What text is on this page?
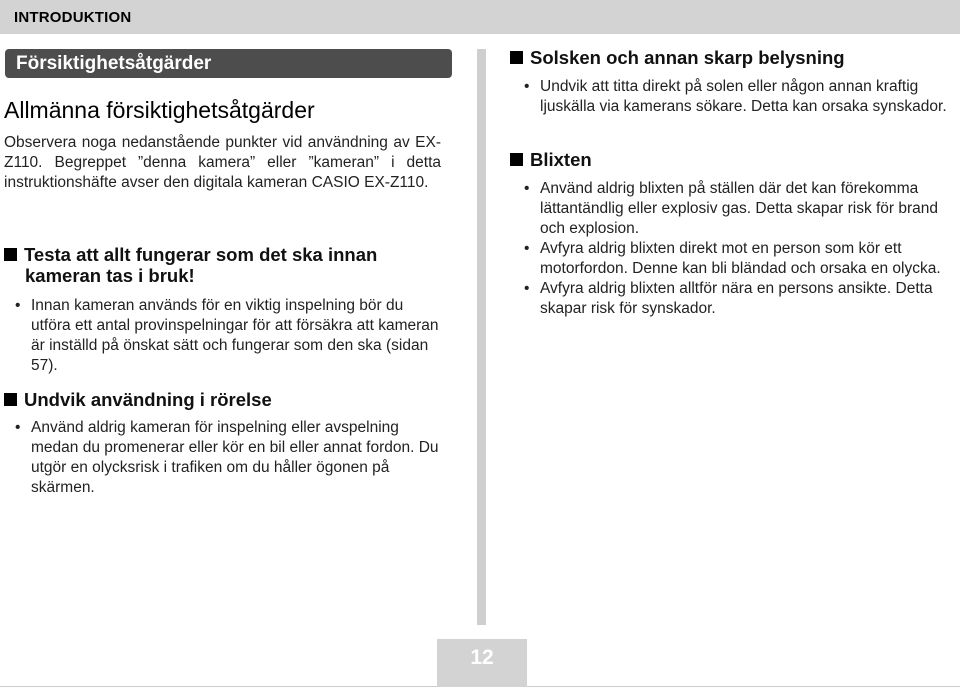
INTRODUKTION
Försiktighetsåtgärder
Allmänna försiktighetsåtgärder

Observera noga nedanstående punkter vid användning av EX-Z110. Begreppet ”denna kamera” eller ”kameran” i detta instruktionshäfte avser den digitala kameran CASIO EX-Z110.

Testa att allt fungerar som det ska innan
kameran tas i bruk!
• Innan kameran används för en viktig inspelning bör du utföra ett antal provinspelningar för att försäkra att kameran är inställd på önskat sätt och fungerar som den ska (sidan 57).
Undvik användning i rörelse
• Använd aldrig kameran för inspelning eller avspelning medan du promenerar eller kör en bil eller annat fordon. Du utgör en olycksrisk i trafiken om du håller ögonen på skärmen.
Solsken och annan skarp belysning
• Undvik att titta direkt på solen eller någon annan kraftig ljuskälla via kamerans sökare. Detta kan orsaka synskador.
Blixten
• Använd aldrig blixten på ställen där det kan förekomma lättantändlig eller explosiv gas. Detta skapar risk för brand och explosion.
• Avfyra aldrig blixten direkt mot en person som kör ett motorfordon. Denne kan bli bländad och orsaka en olycka.
• Avfyra aldrig blixten alltför nära en persons ansikte. Detta skapar risk för synskador.
12
